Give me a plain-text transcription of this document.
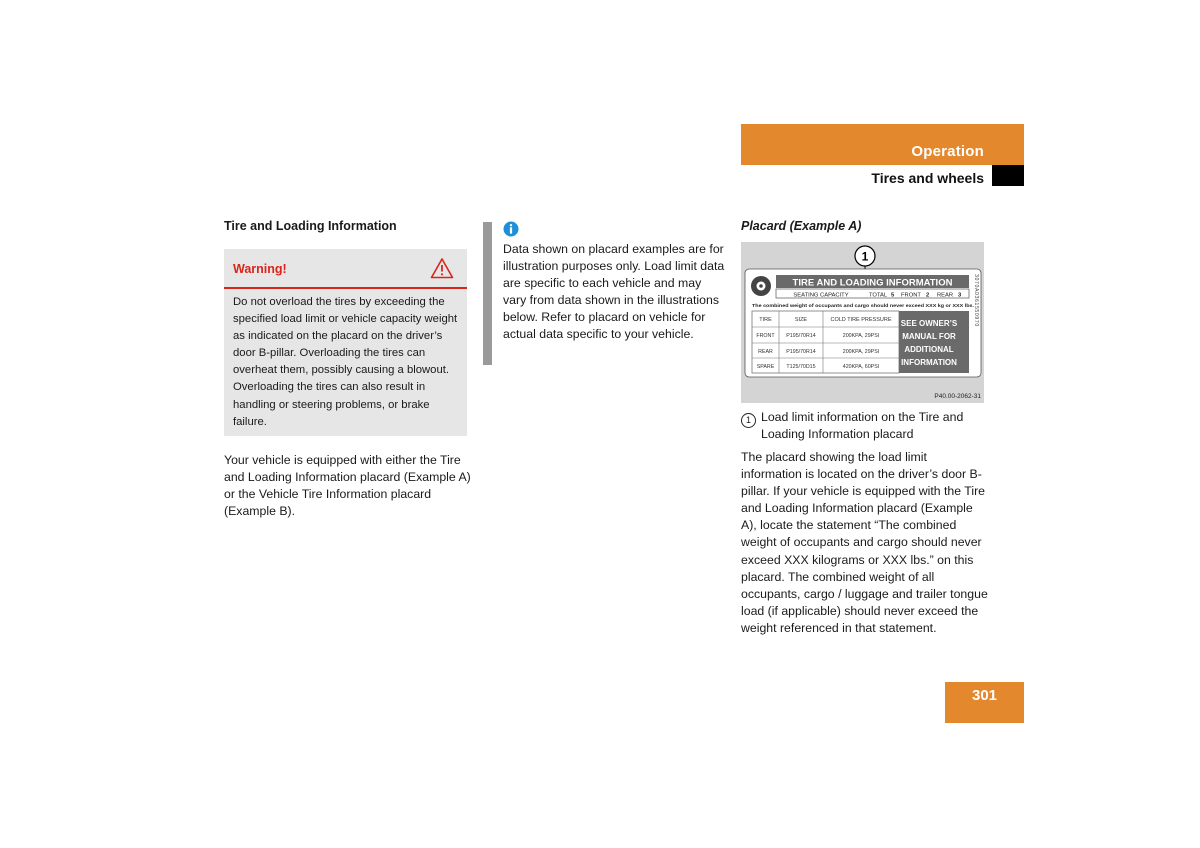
Operation
Tires and wheels
Tire and Loading Information
Warning!
Do not overload the tires by exceeding the specified load limit or vehicle capacity weight as indicated on the placard on the driver’s door B-pillar. Overloading the tires can overheat them, possibly causing a blowout. Overloading the tires can also result in handling or steering problems, or brake failure.
Your vehicle is equipped with either the Tire and Loading Information placard (Example A) or the Vehicle Tire Information placard (Example B).
Data shown on placard examples are for illustration purposes only. Load limit data are specific to each vehicle and may vary from data shown in the illustrations below. Refer to placard on vehicle for actual data specific to your vehicle.
Placard (Example A)
1
TIRE AND LOADING INFORMATION
SEATING CAPACITY	TOTAL 5 FRONT 2 REAR 3
The combined weight of occupants and cargo should never exceed XXX kg or XXX lbs.
TIRE	SIZE	COLD TIRE PRESSURE
FRONT P195/70R14	200KPA, 29PSI
REAR	P195/70R14	200KPA, 29PSI
SPARE T125/70D15	420KPA, 60PSI
SEE OWNER’S
MANUAL FOR
ADDITIONAL
INFORMATION
3070A0361550970
P40.00-2062-31
1 Load limit information on the Tire and Loading Information placard
The placard showing the load limit information is located on the driver’s door B-pillar. If your vehicle is equipped with the Tire and Loading Information placard (Example A), locate the statement “The combined weight of occupants and cargo should never exceed XXX kilograms or XXX lbs.” on this placard. The combined weight of all occupants, cargo / luggage and trailer tongue load (if applicable) should never exceed the weight referenced in that statement.
301
